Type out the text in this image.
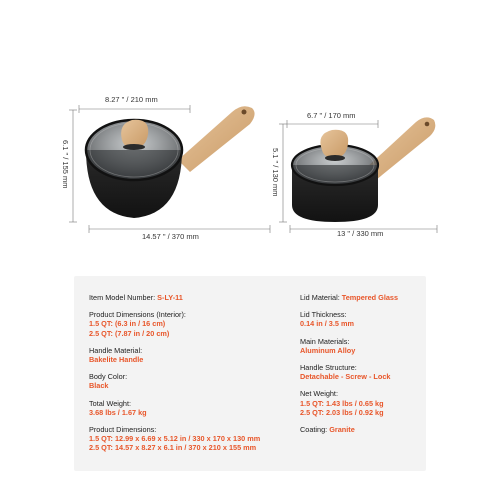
8.27 " / 210 mm
6.1 " / 155 mm
14.57 " / 370 mm
6.7 " / 170 mm
5.1 " / 130 mm
13 " / 330 mm
Item Model Number: S-LY-11
Product Dimensions (Interior):
1.5 QT: (6.3 in / 16 cm)
2.5 QT: (7.87 in / 20 cm)
Handle Material:
Bakelite Handle
Body Color:
Black
Total Weight:
3.68 lbs / 1.67 kg
Product Dimensions:
1.5 QT: 12.99 x 6.69 x 5.12 in / 330 x 170 x 130 mm
2.5 QT: 14.57 x 8.27 x 6.1 in / 370 x 210 x 155 mm
Lid Material: Tempered Glass
Lid Thickness:
0.14 in / 3.5 mm
Main Materials:
Aluminum Alloy
Handle Structure:
Detachable - Screw - Lock
Net Weight:
1.5 QT: 1.43 lbs / 0.65 kg
2.5 QT: 2.03 lbs / 0.92 kg
Coating: Granite
